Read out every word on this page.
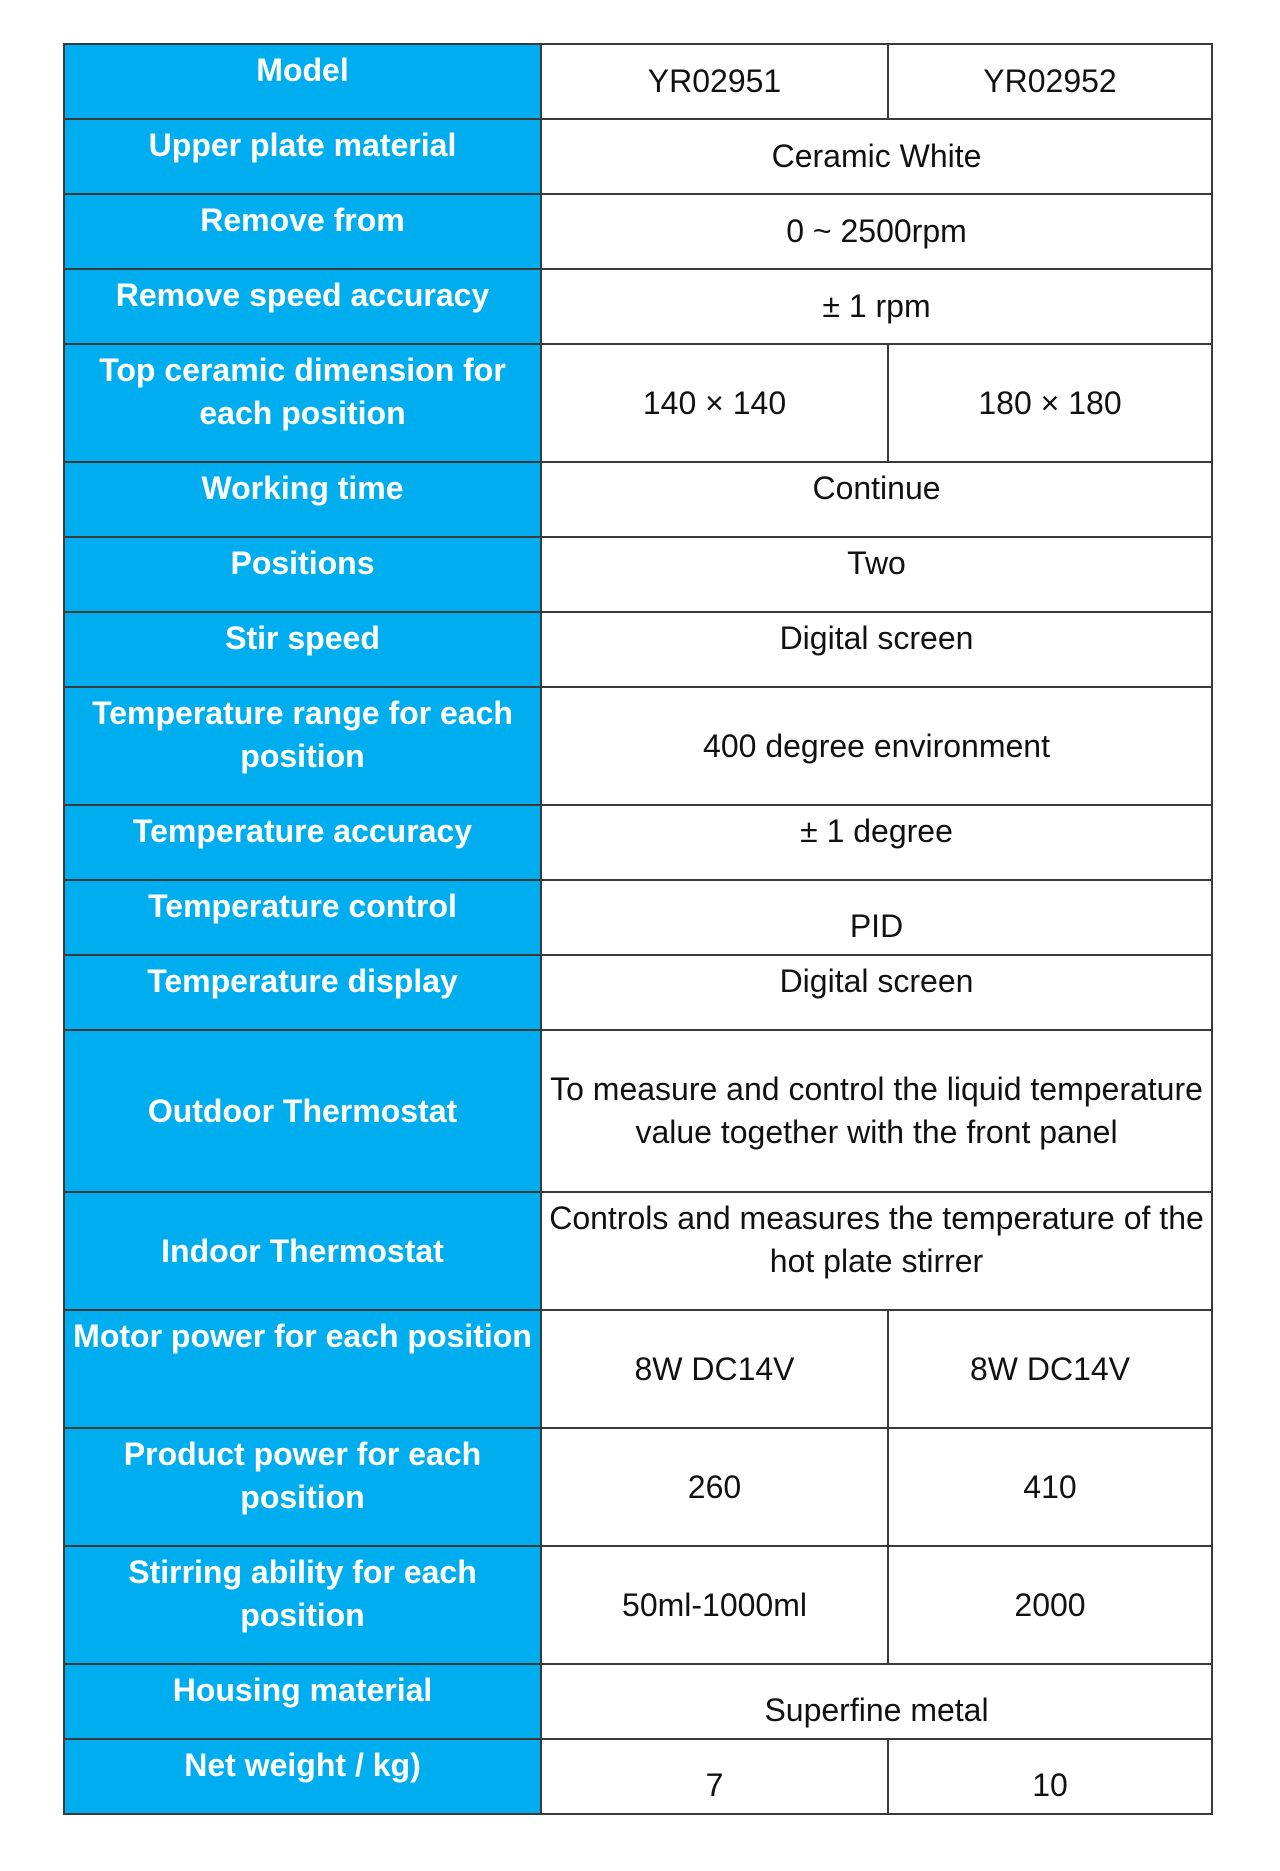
Model	YR02951	YR02952
Upper plate material	Ceramic White	
Remove from	0 ~ 2500rpm	
Remove speed accuracy	± 1 rpm	
Top ceramic dimension for each position	140 × 140	180 × 180
Working time	Continue	
Positions	Two	
Stir speed	Digital screen	
Temperature range for each position	400 degree environment	
Temperature accuracy	± 1 degree	
Temperature control	PID	
Temperature display	Digital screen	
Outdoor Thermostat	To measure and control the liquid temperature value together with the front panel	
Indoor Thermostat	Controls and measures the temperature of the hot plate stirrer	
Motor power for each position	8W DC14V	8W DC14V
Product power for each position	260	410
Stirring ability for each position	50ml-1000ml	2000
Housing material	Superfine metal	
Net weight / kg)	7	10
